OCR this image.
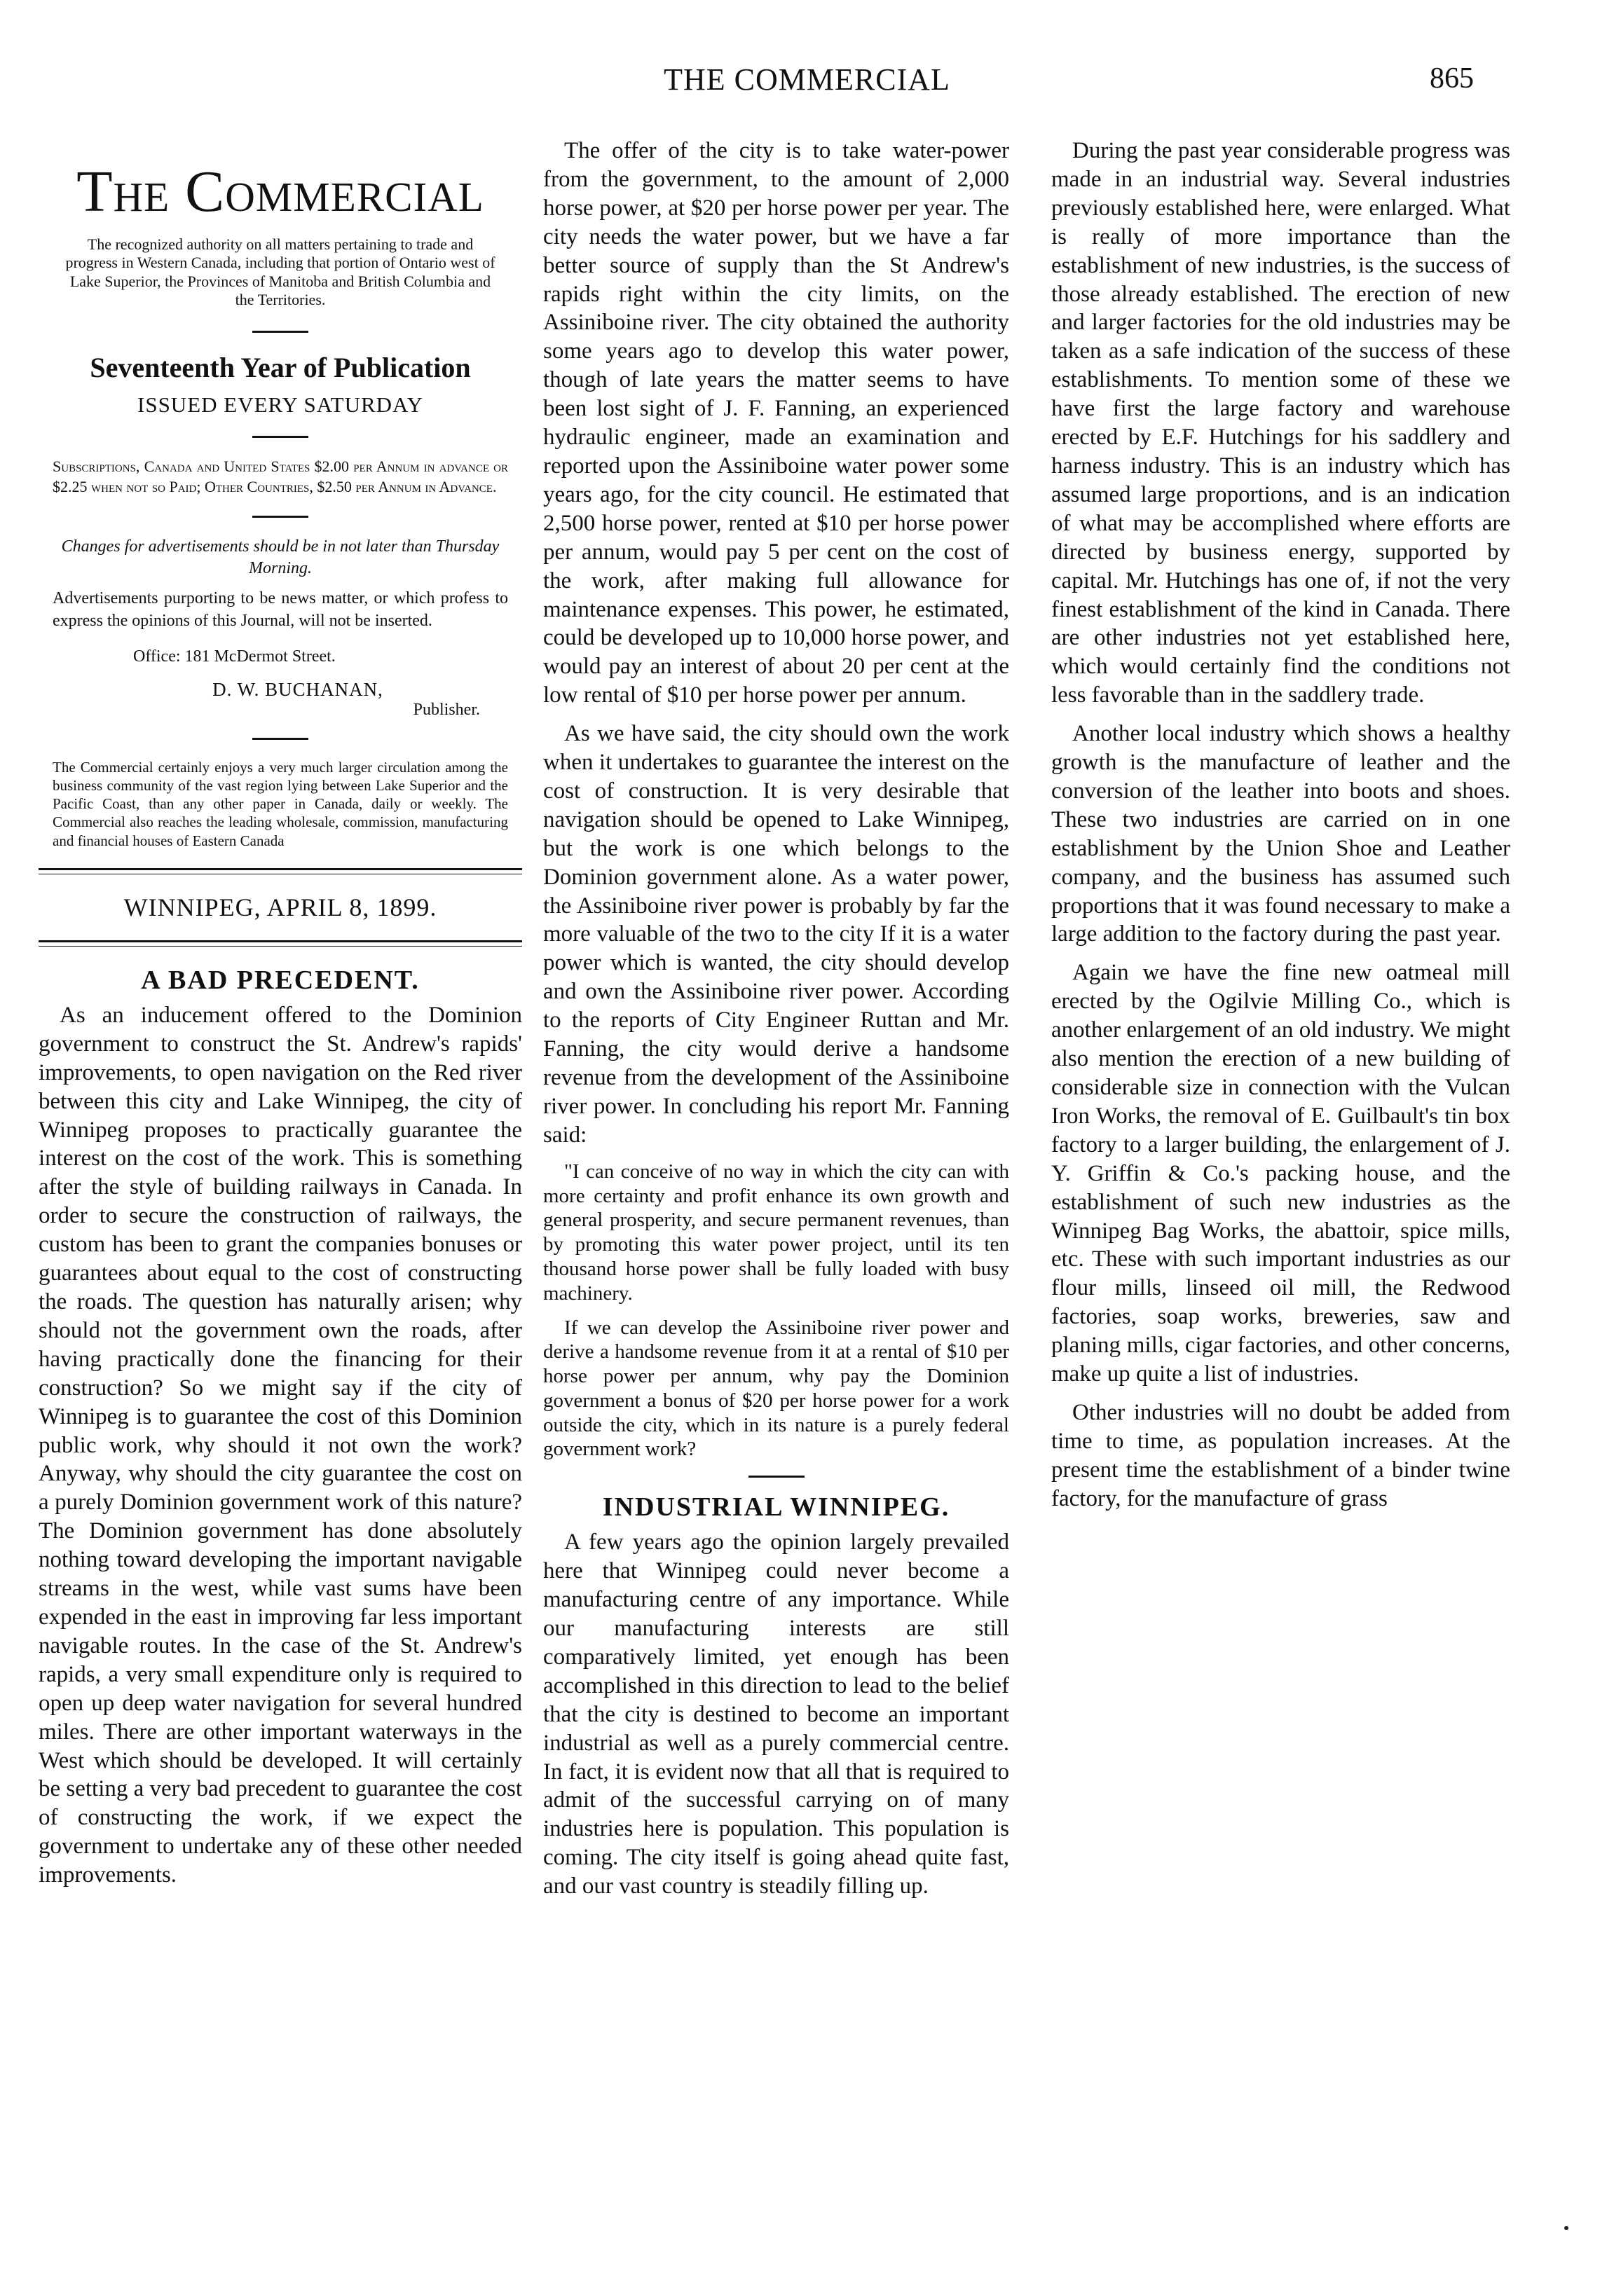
THE COMMERCIAL	865
The Commercial
The recognized authority on all matters pertaining to trade and progress in Western Canada, including that portion of Ontario west of Lake Superior, the Provinces of Manitoba and British Columbia and the Territories.
Seventeenth Year of Publication
ISSUED EVERY SATURDAY
Subscriptions, Canada and United States $2.00 per Annum in advance or $2.25 when not so Paid; Other Countries, $2.50 per Annum in Advance.
Changes for advertisements should be in not later than Thursday Morning.
Advertisements purporting to be news matter, or which profess to express the opinions of this Journal, will not be inserted.
Office: 181 McDermot Street.
D. W. BUCHANAN,
Publisher.
The Commercial certainly enjoys a very much larger circulation among the business community of the vast region lying between Lake Superior and the Pacific Coast, than any other paper in Canada, daily or weekly. The Commercial also reaches the leading wholesale, commission, manufacturing and financial houses of Eastern Canada
WINNIPEG, APRIL 8, 1899.
A BAD PRECEDENT.

As an inducement offered to the Dominion government to construct the St. Andrew's rapids' improvements, to open navigation on the Red river between this city and Lake Winnipeg, the city of Winnipeg proposes to practically guarantee the interest on the cost of the work. This is something after the style of building railways in Canada. In order to secure the construction of railways, the custom has been to grant the companies bonuses or guarantees about equal to the cost of constructing the roads. The question has naturally arisen; why should not the government own the roads, after having practically done the financing for their construction? So we might say if the city of Winnipeg is to guarantee the cost of this Dominion public work, why should it not own the work? Anyway, why should the city guarantee the cost on a purely Dominion government work of this nature? The Dominion government has done absolutely nothing toward developing the important navigable streams in the west, while vast sums have been expended in the east in improving far less important navigable routes. In the case of the St. Andrew's rapids, a very small expenditure only is required to open up deep water navigation for several hundred miles. There are other important waterways in the West which should be developed. It will certainly be setting a very bad precedent to guarantee the cost of constructing the work, if we expect the government to undertake any of these other needed improvements.

The offer of the city is to take water-power from the government, to the amount of 2,000 horse power, at $20 per horse power per year. The city needs the water power, but we have a far better source of supply than the St Andrew's rapids right within the city limits, on the Assiniboine river. The city obtained the authority some years ago to develop this water power, though of late years the matter seems to have been lost sight of J. F. Fanning, an experienced hydraulic engineer, made an examination and reported upon the Assiniboine water power some years ago, for the city council. He estimated that 2,500 horse power, rented at $10 per horse power per annum, would pay 5 per cent on the cost of the work, after making full allowance for maintenance expenses. This power, he estimated, could be developed up to 10,000 horse power, and would pay an interest of about 20 per cent at the low rental of $10 per horse power per annum.

As we have said, the city should own the work when it undertakes to guarantee the interest on the cost of construction. It is very desirable that navigation should be opened to Lake Winnipeg, but the work is one which belongs to the Dominion government alone. As a water power, the Assiniboine river power is probably by far the more valuable of the two to the city If it is a water power which is wanted, the city should develop and own the Assiniboine river power. According to the reports of City Engineer Ruttan and Mr. Fanning, the city would derive a handsome revenue from the development of the Assiniboine river power. In concluding his report Mr. Fanning said:

"I can conceive of no way in which the city can with more certainty and profit enhance its own growth and general prosperity, and secure permanent revenues, than by promoting this water power project, until its ten thousand horse power shall be fully loaded with busy machinery.

If we can develop the Assiniboine river power and derive a handsome revenue from it at a rental of $10 per horse power per annum, why pay the Dominion government a bonus of $20 per horse power for a work outside the city, which in its nature is a purely federal government work?

INDUSTRIAL WINNIPEG.

A few years ago the opinion largely prevailed here that Winnipeg could never become a manufacturing centre of any importance. While our manufacturing interests are still comparatively limited, yet enough has been accomplished in this direction to lead to the belief that the city is destined to become an important industrial as well as a purely commercial centre. In fact, it is evident now that all that is required to admit of the successful carrying on of many industries here is population. This population is coming. The city itself is going ahead quite fast, and our vast country is steadily filling up.

During the past year considerable progress was made in an industrial way. Several industries previously established here, were enlarged. What is really of more importance than the establishment of new industries, is the success of those already established. The erection of new and larger factories for the old industries may be taken as a safe indication of the success of these establishments. To mention some of these we have first the large factory and warehouse erected by E.F. Hutchings for his saddlery and harness industry. This is an industry which has assumed large proportions, and is an indication of what may be accomplished where efforts are directed by business energy, supported by capital. Mr. Hutchings has one of, if not the very finest establishment of the kind in Canada. There are other industries not yet established here, which would certainly find the conditions not less favorable than in the saddlery trade.

Another local industry which shows a healthy growth is the manufacture of leather and the conversion of the leather into boots and shoes. These two industries are carried on in one establishment by the Union Shoe and Leather company, and the business has assumed such proportions that it was found necessary to make a large addition to the factory during the past year.

Again we have the fine new oatmeal mill erected by the Ogilvie Milling Co., which is another enlargement of an old industry. We might also mention the erection of a new building of considerable size in connection with the Vulcan Iron Works, the removal of E. Guilbault's tin box factory to a larger building, the enlargement of J. Y. Griffin & Co.'s packing house, and the establishment of such new industries as the Winnipeg Bag Works, the abattoir, spice mills, etc. These with such important industries as our flour mills, linseed oil mill, the Redwood factories, soap works, breweries, saw and planing mills, cigar factories, and other concerns, make up quite a list of industries.

Other industries will no doubt be added from time to time, as population increases. At the present time the establishment of a binder twine factory, for the manufacture of grass
